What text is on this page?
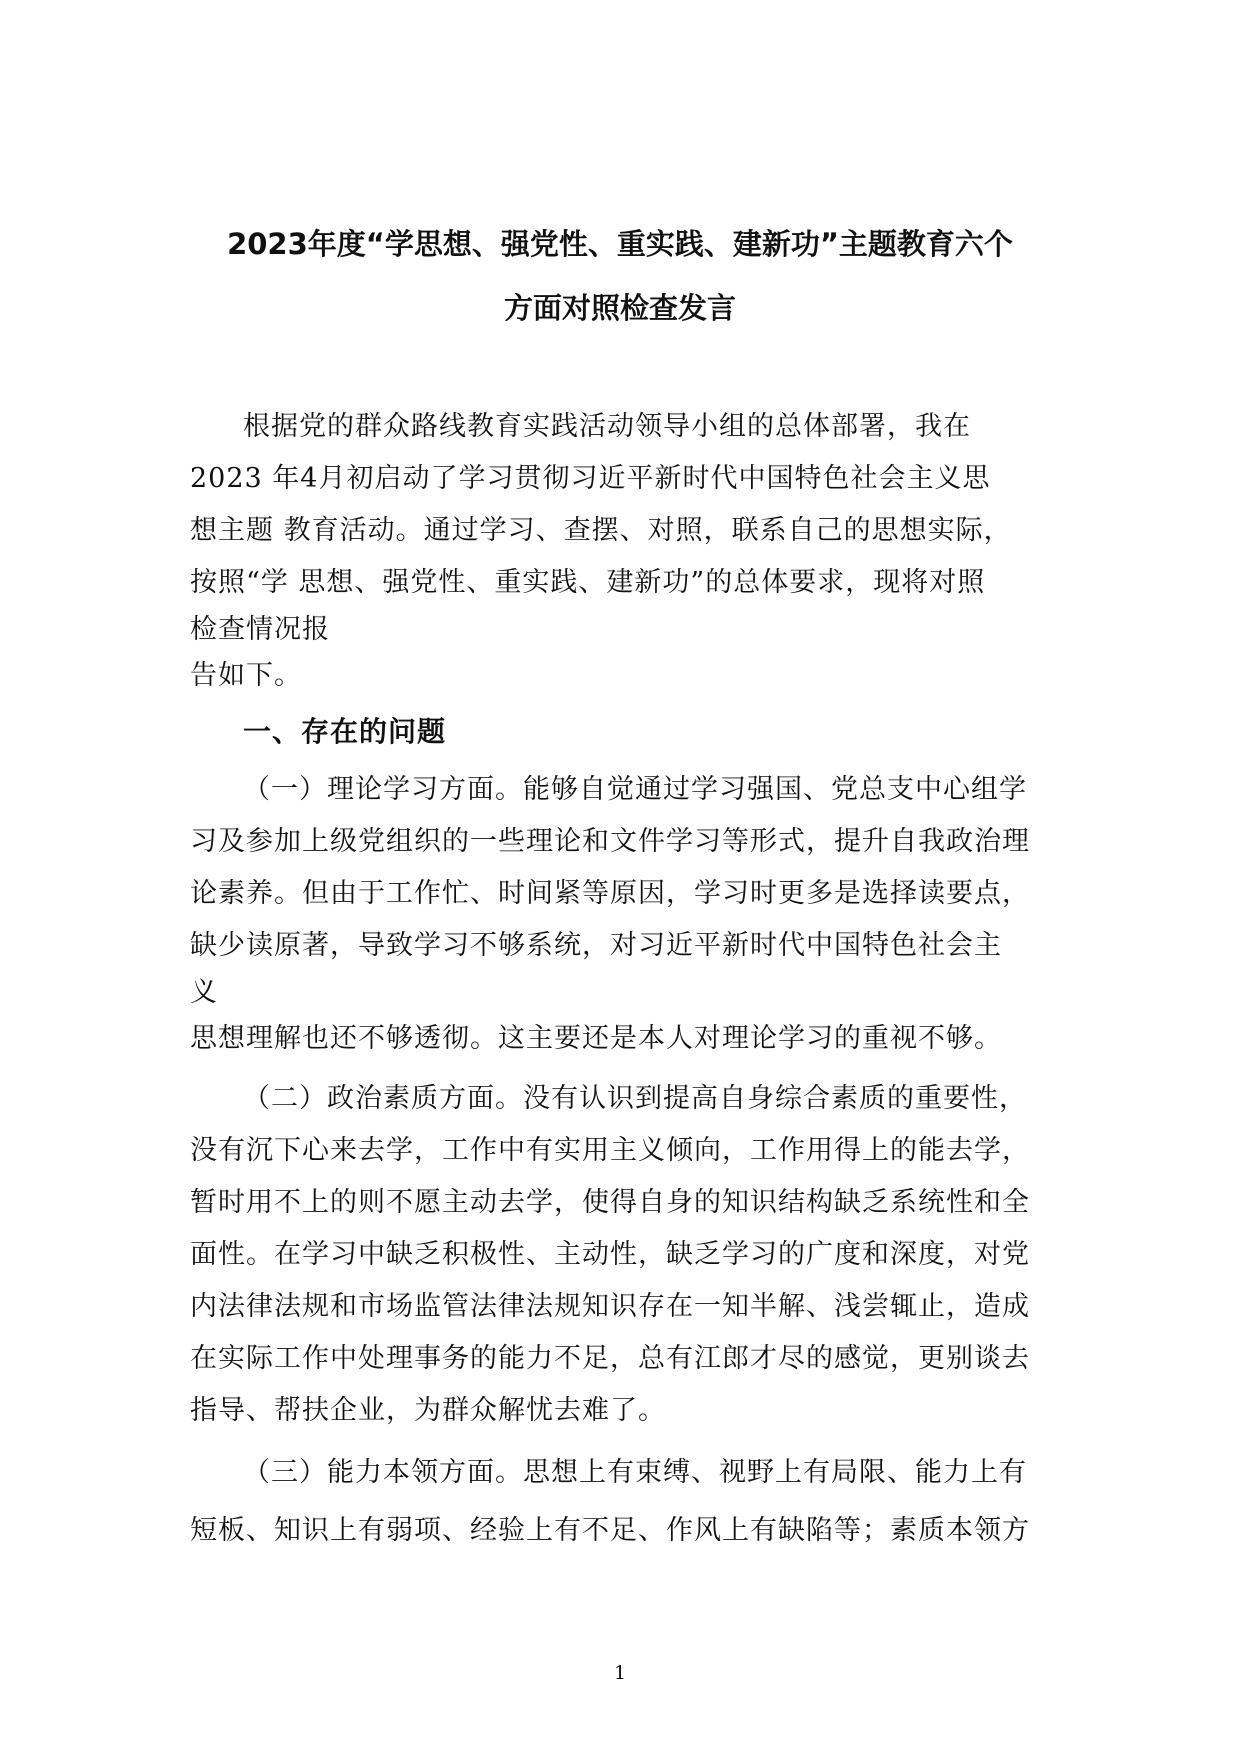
2023年度“学思想、强党性、重实践、建新功”主题教育六个
方面对照检查发言
根据党的群众路线教育实践活动领导小组的总体部署，我在
2023 年4月初启动了学习贯彻习近平新时代中国特色社会主义思
想主题 教育活动。通过学习、查摆、对照，联系自己的思想实际，
按照“学 思想、强党性、重实践、建新功”的总体要求，现将对照
检查情况报
告如下。
一、存在的问题
（一）理论学习方面。能够自觉通过学习强国、党总支中心组学
习及参加上级党组织的一些理论和文件学习等形式，提升自我政治理
论素养。但由于工作忙、时间紧等原因，学习时更多是选择读要点，
缺少读原著，导致学习不够系统，对习近平新时代中国特色社会主
义
思想理解也还不够透彻。这主要还是本人对理论学习的重视不够。
（二）政治素质方面。没有认识到提高自身综合素质的重要性，
没有沉下心来去学，工作中有实用主义倾向，工作用得上的能去学，
暂时用不上的则不愿主动去学，使得自身的知识结构缺乏系统性和全
面性。在学习中缺乏积极性、主动性，缺乏学习的广度和深度，对党
内法律法规和市场监管法律法规知识存在一知半解、浅尝辄止，造成
在实际工作中处理事务的能力不足，总有江郎才尽的感觉，更别谈去
指导、帮扶企业，为群众解忧去难了。
（三）能力本领方面。思想上有束缚、视野上有局限、能力上有
短板、知识上有弱项、经验上有不足、作风上有缺陷等；素质本领方
1
